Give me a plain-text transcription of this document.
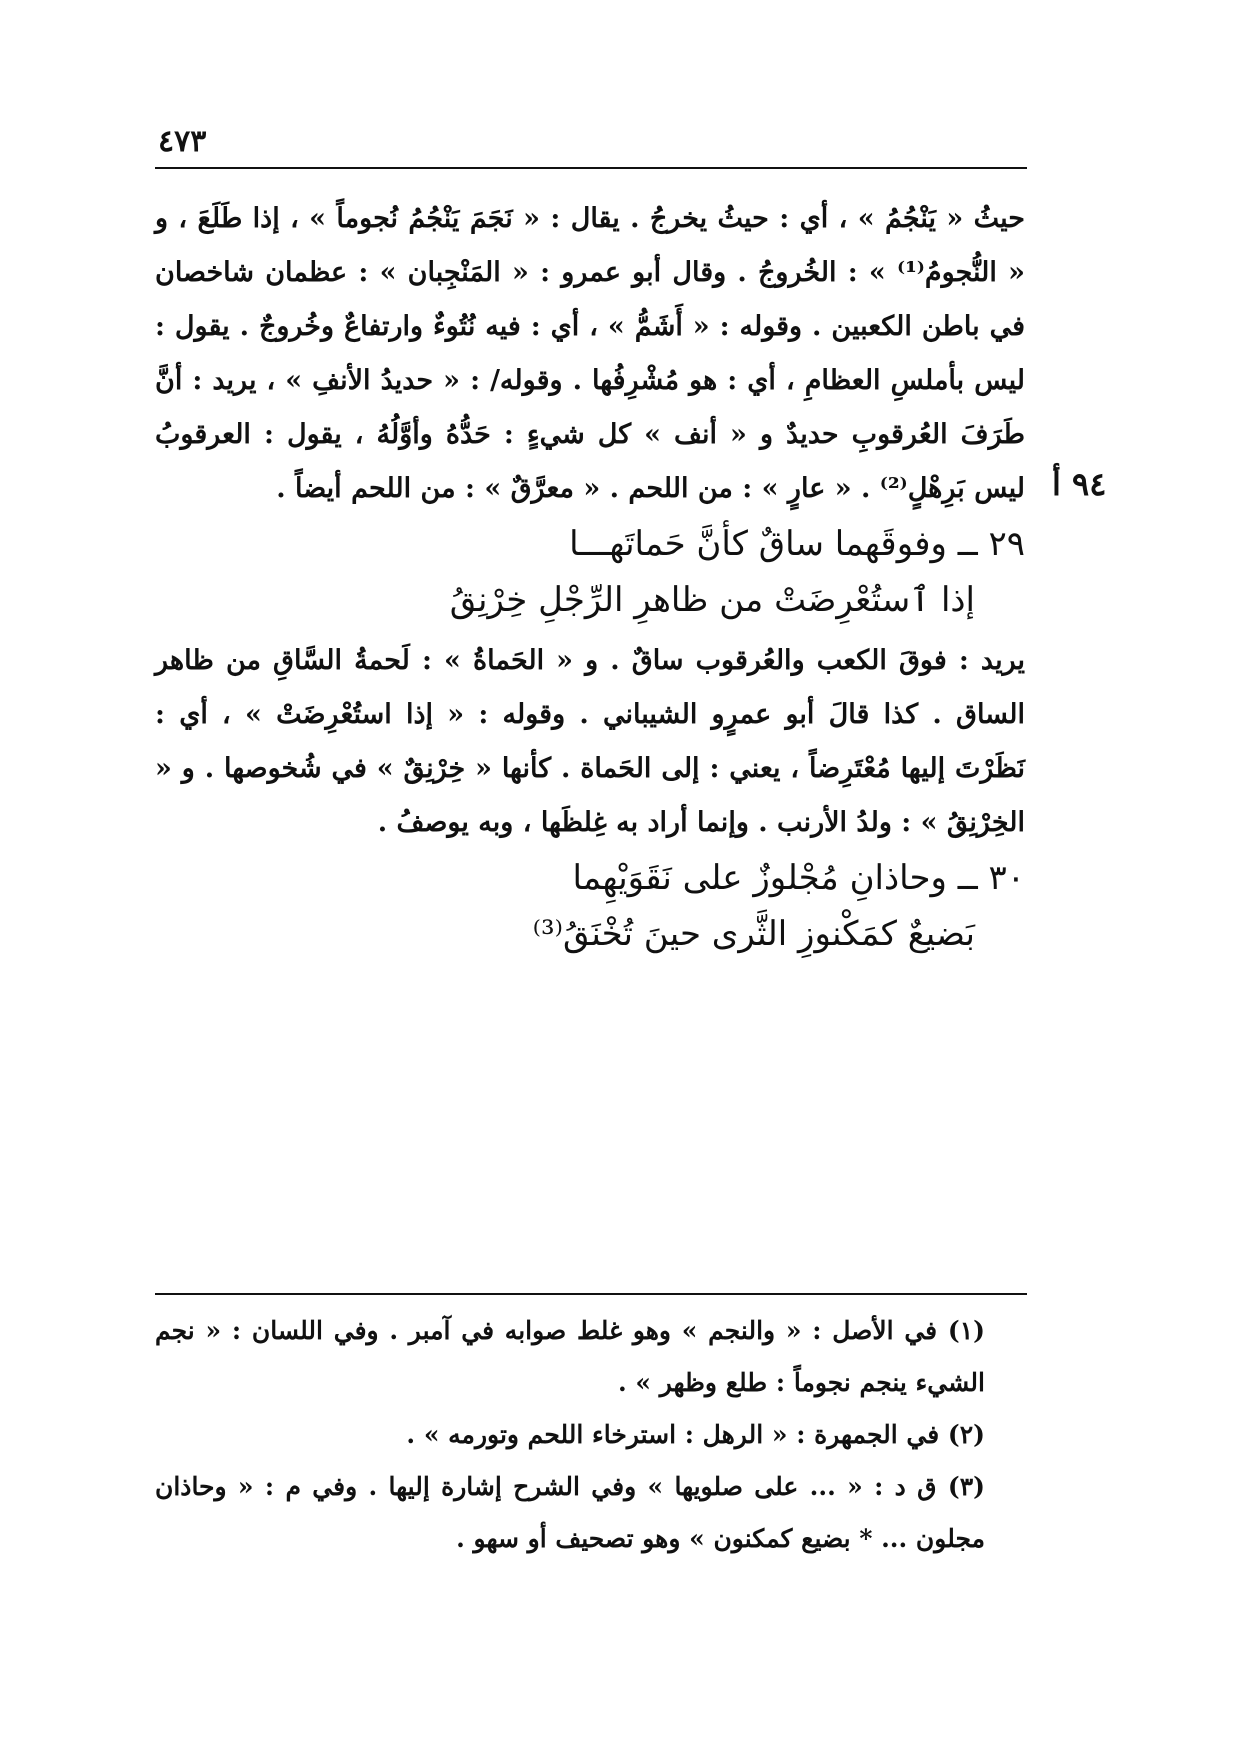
٤٧٣
٩٤ أ

حيثُ « يَنْجُمُ » ، أي : حيثُ يخرجُ . يقال : « نَجَمَ يَنْجُمُ نُجوماً » ، إذا طَلَعَ ، و « النُّجومُ⁽¹⁾ » : الخُروجُ . وقال أبو عمرو : « المَنْجِبان » : عظمان شاخصان في باطن الكعبين . وقوله : « أَشَمُّ » ، أي : فيه نُتُوءٌ وارتفاعٌ وخُروجٌ . يقول : ليس بأملسِ العظامِ ، أي : هو مُشْرِفُها . وقوله/ : « حديدُ الأنفِ » ، يريد : أنَّ طَرَفَ العُرقوبِ حديدٌ و « أنف » كل شيءٍ : حَدُّهُ وأوَّلُهُ ، يقول : العرقوبُ ليس بَرِهْلٍ⁽²⁾ . « عارٍ » : من اللحم . « معرَّقٌ » : من اللحم أيضاً .

٢٩ ــ وفوقَهما ساقٌ كأنَّ حَماتَهـــا
إذا ٱستُعْرِضَتْ من ظاهرِ الرِّجْلِ خِرْنِقُ

يريد : فوقَ الكعب والعُرقوب ساقٌ . و « الحَماةُ » : لَحمةُ السَّاقِ من ظاهر الساق . كذا قالَ أبو عمرٍو الشيباني . وقوله : « إذا استُعْرِضَتْ » ، أي : نَظَرْتَ إليها مُعْتَرِضاً ، يعني : إلى الحَماة . كأنها « خِرْنِقٌ » في شُخوصها . و « الخِرْنِقُ » : ولدُ الأرنب . وإنما أراد به غِلظَها ، وبه يوصفُ .

٣٠ ــ وحاذانِ مُجْلوزٌ على نَقَوَيْهِما
بَضيعٌ كمَكْنوزِ الثَّرى حينَ تُخْنَقُ⁽³⁾

(١) في الأصل : « والنجم » وهو غلط صوابه في آمبر . وفي اللسان : « نجم الشيء ينجم نجوماً : طلع وظهر » .

(٢) في الجمهرة : « الرهل : استرخاء اللحم وتورمه » .

(٣) ق د : « ... على صلويها » وفي الشرح إشارة إليها . وفي م : « وحاذان مجلون ... * بضيع كمكنون » وهو تصحيف أو سهو .
